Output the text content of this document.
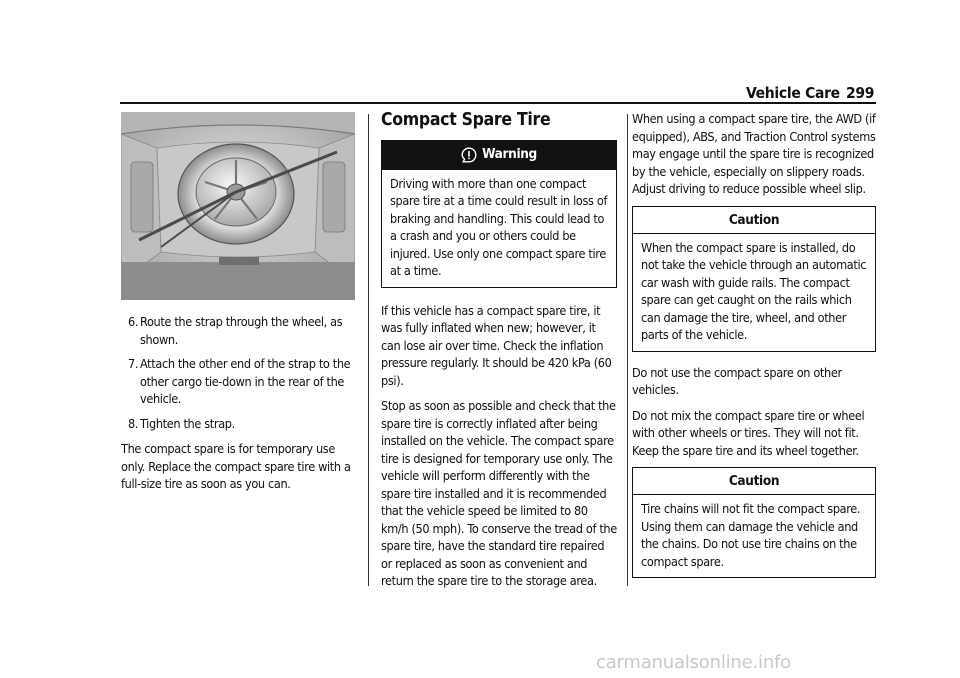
Vehicle Care 299
6. Route the strap through the wheel, as shown.
7. Attach the other end of the strap to the other cargo tie-down in the rear of the vehicle.
8. Tighten the strap.

The compact spare is for temporary use only. Replace the compact spare tire with a full-size tire as soon as you can.

Compact Spare Tire
Warning
Driving with more than one compact spare tire at a time could result in loss of braking and handling. This could lead to a crash and you or others could be injured. Use only one compact spare tire at a time.

If this vehicle has a compact spare tire, it was fully inflated when new; however, it can lose air over time. Check the inflation pressure regularly. It should be 420 kPa (60 psi).

Stop as soon as possible and check that the spare tire is correctly inflated after being installed on the vehicle. The compact spare tire is designed for temporary use only. The vehicle will perform differently with the spare tire installed and it is recommended that the vehicle speed be limited to 80 km/h (50 mph). To conserve the tread of the spare tire, have the standard tire repaired or replaced as soon as convenient and return the spare tire to the storage area.

When using a compact spare tire, the AWD (if equipped), ABS, and Traction Control systems may engage until the spare tire is recognized by the vehicle, especially on slippery roads. Adjust driving to reduce possible wheel slip.

Caution
When the compact spare is installed, do not take the vehicle through an automatic car wash with guide rails. The compact spare can get caught on the rails which can damage the tire, wheel, and other parts of the vehicle.

Do not use the compact spare on other vehicles.

Do not mix the compact spare tire or wheel with other wheels or tires. They will not fit. Keep the spare tire and its wheel together.

Caution
Tire chains will not fit the compact spare. Using them can damage the vehicle and the chains. Do not use tire chains on the compact spare.
carmanualsonline.info
